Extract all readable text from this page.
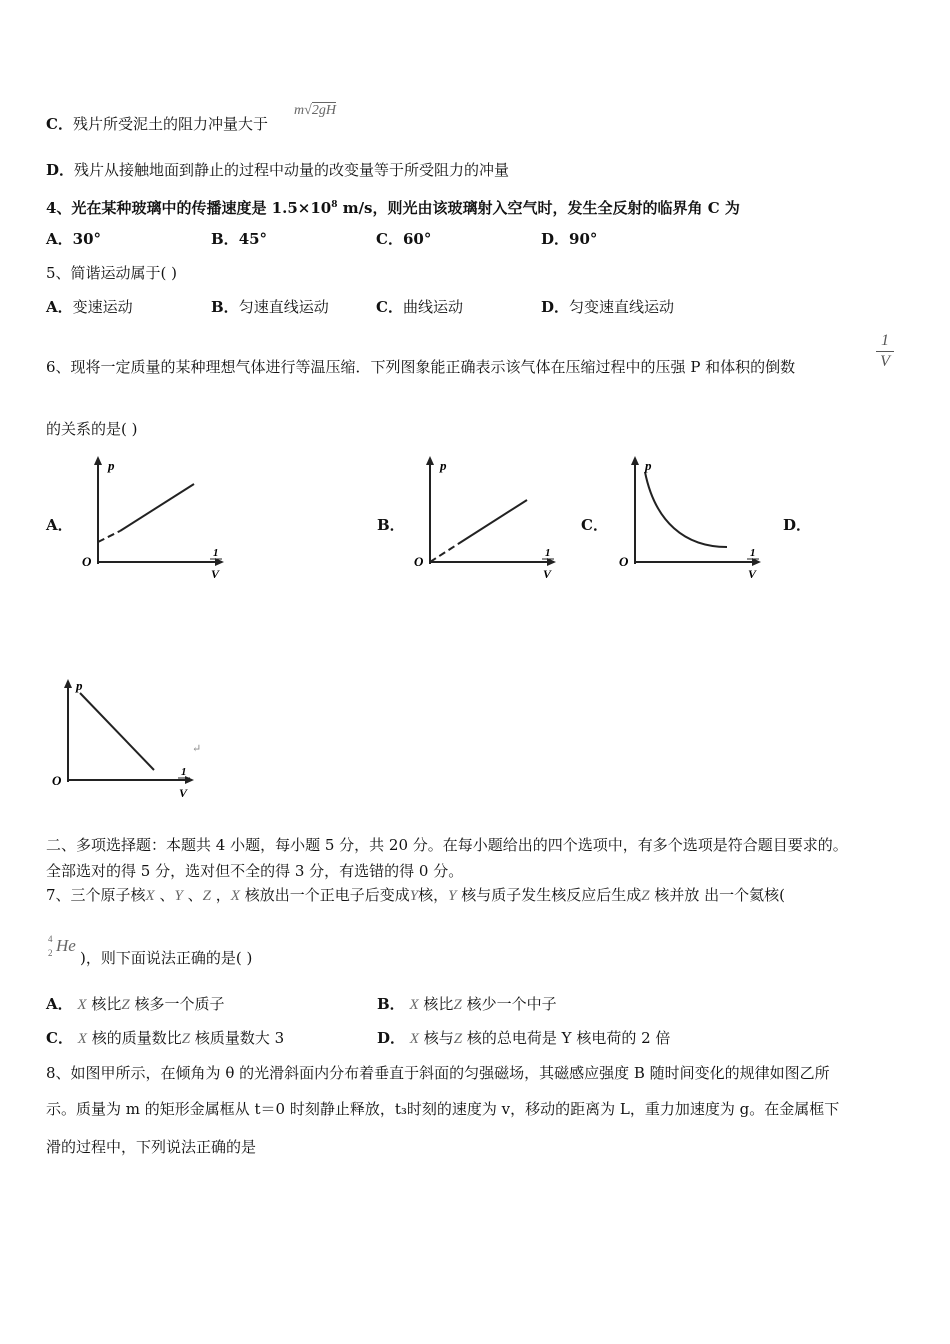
C．残片所受泥土的阻力冲量大于
m√2gH
D．残片从接触地面到静止的过程中动量的改变量等于所受阻力的冲量
4、光在某种玻璃中的传播速度是 $1.5\times 10^8$ m/s，则光由该玻璃射入空气时，发生全反射的临界角 C 为
A．30°	B．45°	C．60°	D．90°
5、简谐运动属于( )
A．变速运动	B．匀速直线运动	C．曲线运动	D．匀变速直线运动
6、现将一定质量的某种理想气体进行等温压缩．下列图象能正确表示该气体在压缩过程中的压强 P 和体积的倒数
1
V
的关系的是( )
A．	B．	C．	D．
p
O
1
V
p
O
1
V
p
O
1
V
p
O
1
V
↵
二、多项选择题：本题共 4 小题，每小题 5 分，共 20 分。在每小题给出的四个选项中，有多个选项是符合题目要求的。
全部选对的得 5 分，选对但不全的得 3 分，有选错的得 0 分。
7、三个原子核X 、Y 、Z ，X 核放出一个正电子后变成Y核，Y 核与质子发生核反应后生成Z 核并放 出一个氦核(
4
2 He
)，则下面说法正确的是( )
A． X 核比Z 核多一个质子	B． X 核比Z 核少一个中子
C． X 核的质量数比Z 核质量数大 3	D． X 核与Z 核的总电荷是 Y 核电荷的 2 倍
8、如图甲所示，在倾角为 θ 的光滑斜面内分布着垂直于斜面的匀强磁场，其磁感应强度 B 随时间变化的规律如图乙所
示。质量为 m 的矩形金属框从 t＝0 时刻静止释放，t₃时刻的速度为 v，移动的距离为 L，重力加速度为 g。在金属框下
滑的过程中，下列说法正确的是
